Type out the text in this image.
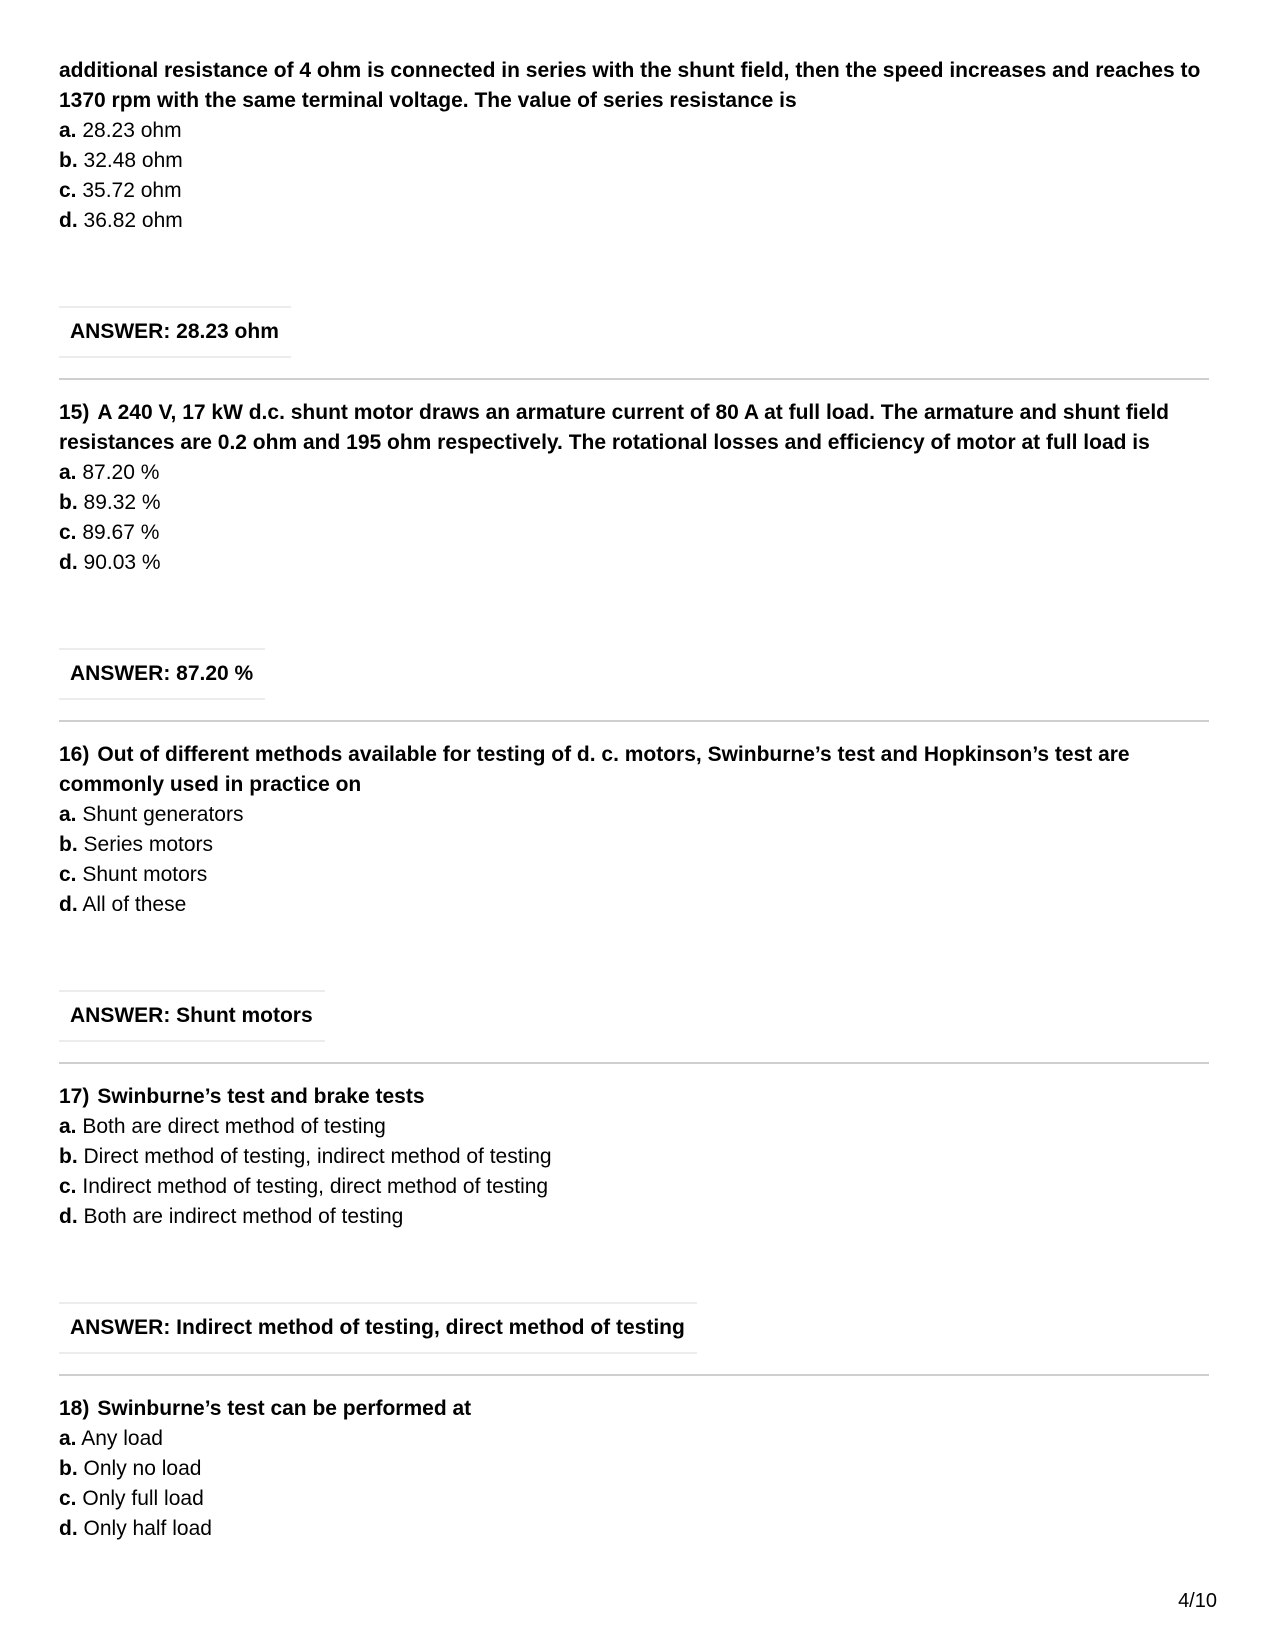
additional resistance of 4 ohm is connected in series with the shunt field, then the speed increases and reaches to 1370 rpm with the same terminal voltage. The value of series resistance is

a. 28.23 ohm

b. 32.48 ohm

c. 35.72 ohm

d. 36.82 ohm

ANSWER: 28.23 ohm

15) A 240 V, 17 kW d.c. shunt motor draws an armature current of 80 A at full load. The armature and shunt field resistances are 0.2 ohm and 195 ohm respectively. The rotational losses and efficiency of motor at full load is

a. 87.20 %

b. 89.32 %

c. 89.67 %

d. 90.03 %

ANSWER: 87.20 %

16) Out of different methods available for testing of d. c. motors, Swinburne’s test and Hopkinson’s test are commonly used in practice on

a. Shunt generators

b. Series motors

c. Shunt motors

d. All of these

ANSWER: Shunt motors

17) Swinburne’s test and brake tests

a. Both are direct method of testing

b. Direct method of testing, indirect method of testing

c. Indirect method of testing, direct method of testing

d. Both are indirect method of testing

ANSWER: Indirect method of testing, direct method of testing

18) Swinburne’s test can be performed at

a. Any load

b. Only no load

c. Only full load

d. Only half load

4/10
